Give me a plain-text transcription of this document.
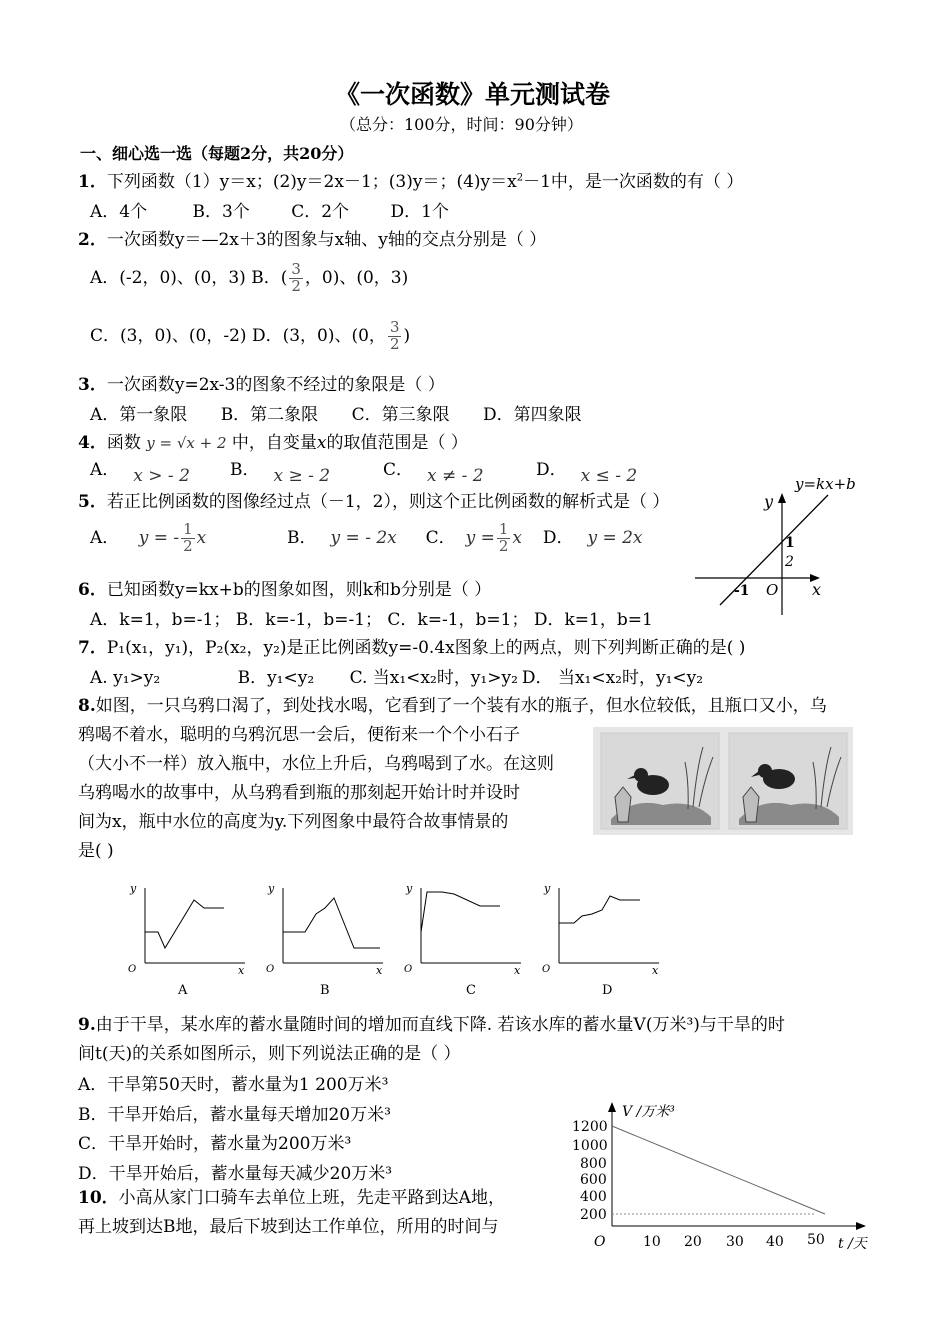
《一次函数》单元测试卷
（总分：100分，时间：90分钟）
一、细心选一选（每题2分，共20分）
1．下列函数（1）y＝x；(2)y＝2x－1；(3)y＝；$(4)y=x^2-1$中，是一次函数的有（ ）
A．4个	B．3个 C．2个 D．1个
2．一次函数y＝—2x＋3的图象与x轴、y轴的交点分别是（ ）
A．(-2，0)、(0，3) B．( $\frac{3}{2}$ ，0)、(0，3)
C．(3，0)、(0，-2) D．(3，0)、(0， $\frac{3}{2}$ )
3．一次函数y=2x-3的图象不经过的象限是（ ）
A．第一象限 B．第二象限 C．第三象限 D．第四象限
4．函数 y = √x + 2 中，自变量x的取值范围是（ ）
A． x > - 2 B． x ≥ - 2	C． x ≠ - 2	D． x ≤ - 2
5．若正比例函数的图像经过点（－1，2），则这个正比例函数的解析式是（ ）
A． y = - $\frac{1}{2}$ x	B． y = - 2x C． $y = \frac{1}{2}$ x D． y = 2x
y=kx+b
y
1
2
-1 O x
6．已知函数y=kx+b的图象如图，则k和b分别是（ ）
A．k=1，b=-1； B．k=-1，b=-1； C．k=-1，b=1； D．k=1，b=1
7．P₁(x₁，y₁)，P₂(x₂，y₂)是正比例函数y=-0.4x图象上的两点，则下列判断正确的是( )
A. y₁>y₂	B．y₁<y₂ C. 当x₁<x₂时，y₁>y₂ D． 当x₁<x₂时，y₁<y₂
8.如图，一只乌鸦口渴了，到处找水喝，它看到了一个装有水的瓶子，但水位较低，且瓶口又小，乌
鸦喝不着水，聪明的乌鸦沉思一会后，便衔来一个个小石子
（大小不一样）放入瓶中，水位上升后，乌鸦喝到了水。在这则
乌鸦喝水的故事中，从乌鸦看到瓶的那刻起开始计时并设时
间为x，瓶中水位的高度为y.下列图象中最符合故事情景的
是( )
y
O	x
A
y
O	x
B
y
O	x
C
y
O	x
D
9.由于干旱，某水库的蓄水量随时间的增加而直线下降. 若该水库的蓄水量V(万米³)与干旱的时
间t(天)的关系如图所示，则下列说法正确的是（ ）
A．干旱第50天时，蓄水量为1 200万米³
B．干旱开始后，蓄水量每天增加20万米³
C．干旱开始时，蓄水量为200万米³
D．干旱开始后，蓄水量每天减少20万米³
V /万米³
1200
1000
800
600
400
200
O	10 20 30 40 50 t /天
10．小高从家门口骑车去单位上班，先走平路到达A地，
再上坡到达B地，最后下坡到达工作单位，所用的时间与
